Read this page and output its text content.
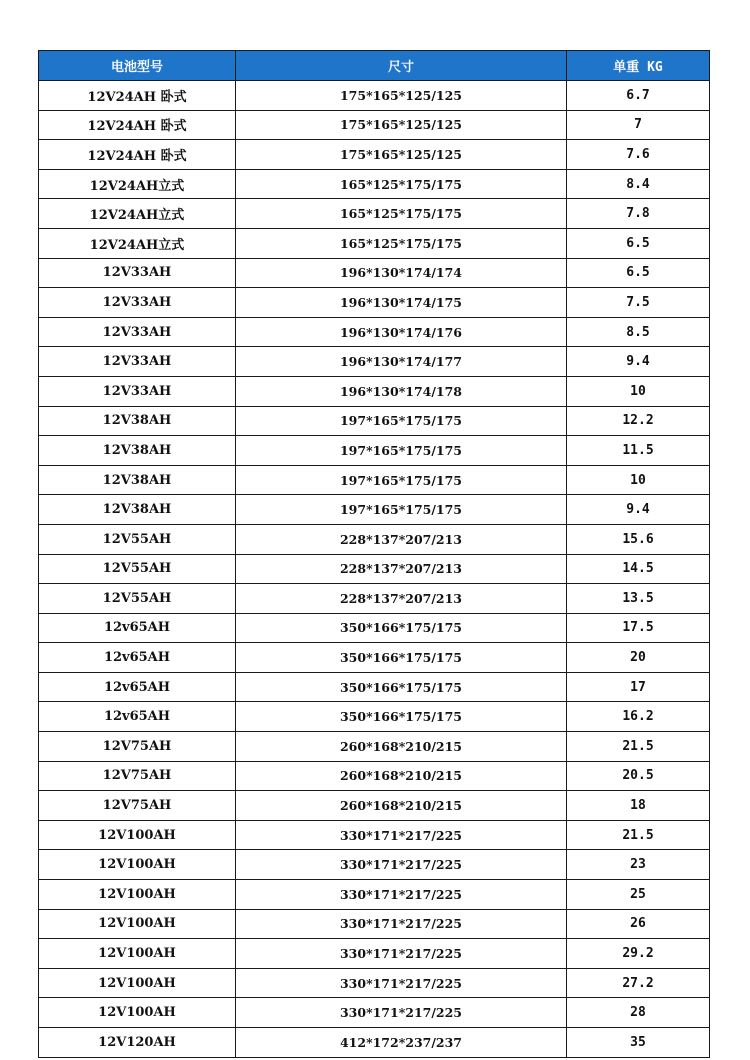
电池型号	尺寸	单重 KG
12V24AH 卧式	175*165*125/125	6.7
12V24AH 卧式	175*165*125/125	7
12V24AH 卧式	175*165*125/125	7.6
12V24AH立式	165*125*175/175	8.4
12V24AH立式	165*125*175/175	7.8
12V24AH立式	165*125*175/175	6.5
12V33AH	196*130*174/174	6.5
12V33AH	196*130*174/175	7.5
12V33AH	196*130*174/176	8.5
12V33AH	196*130*174/177	9.4
12V33AH	196*130*174/178	10
12V38AH	197*165*175/175	12.2
12V38AH	197*165*175/175	11.5
12V38AH	197*165*175/175	10
12V38AH	197*165*175/175	9.4
12V55AH	228*137*207/213	15.6
12V55AH	228*137*207/213	14.5
12V55AH	228*137*207/213	13.5
12v65AH	350*166*175/175	17.5
12v65AH	350*166*175/175	20
12v65AH	350*166*175/175	17
12v65AH	350*166*175/175	16.2
12V75AH	260*168*210/215	21.5
12V75AH	260*168*210/215	20.5
12V75AH	260*168*210/215	18
12V100AH	330*171*217/225	21.5
12V100AH	330*171*217/225	23
12V100AH	330*171*217/225	25
12V100AH	330*171*217/225	26
12V100AH	330*171*217/225	29.2
12V100AH	330*171*217/225	27.2
12V100AH	330*171*217/225	28
12V120AH	412*172*237/237	35
